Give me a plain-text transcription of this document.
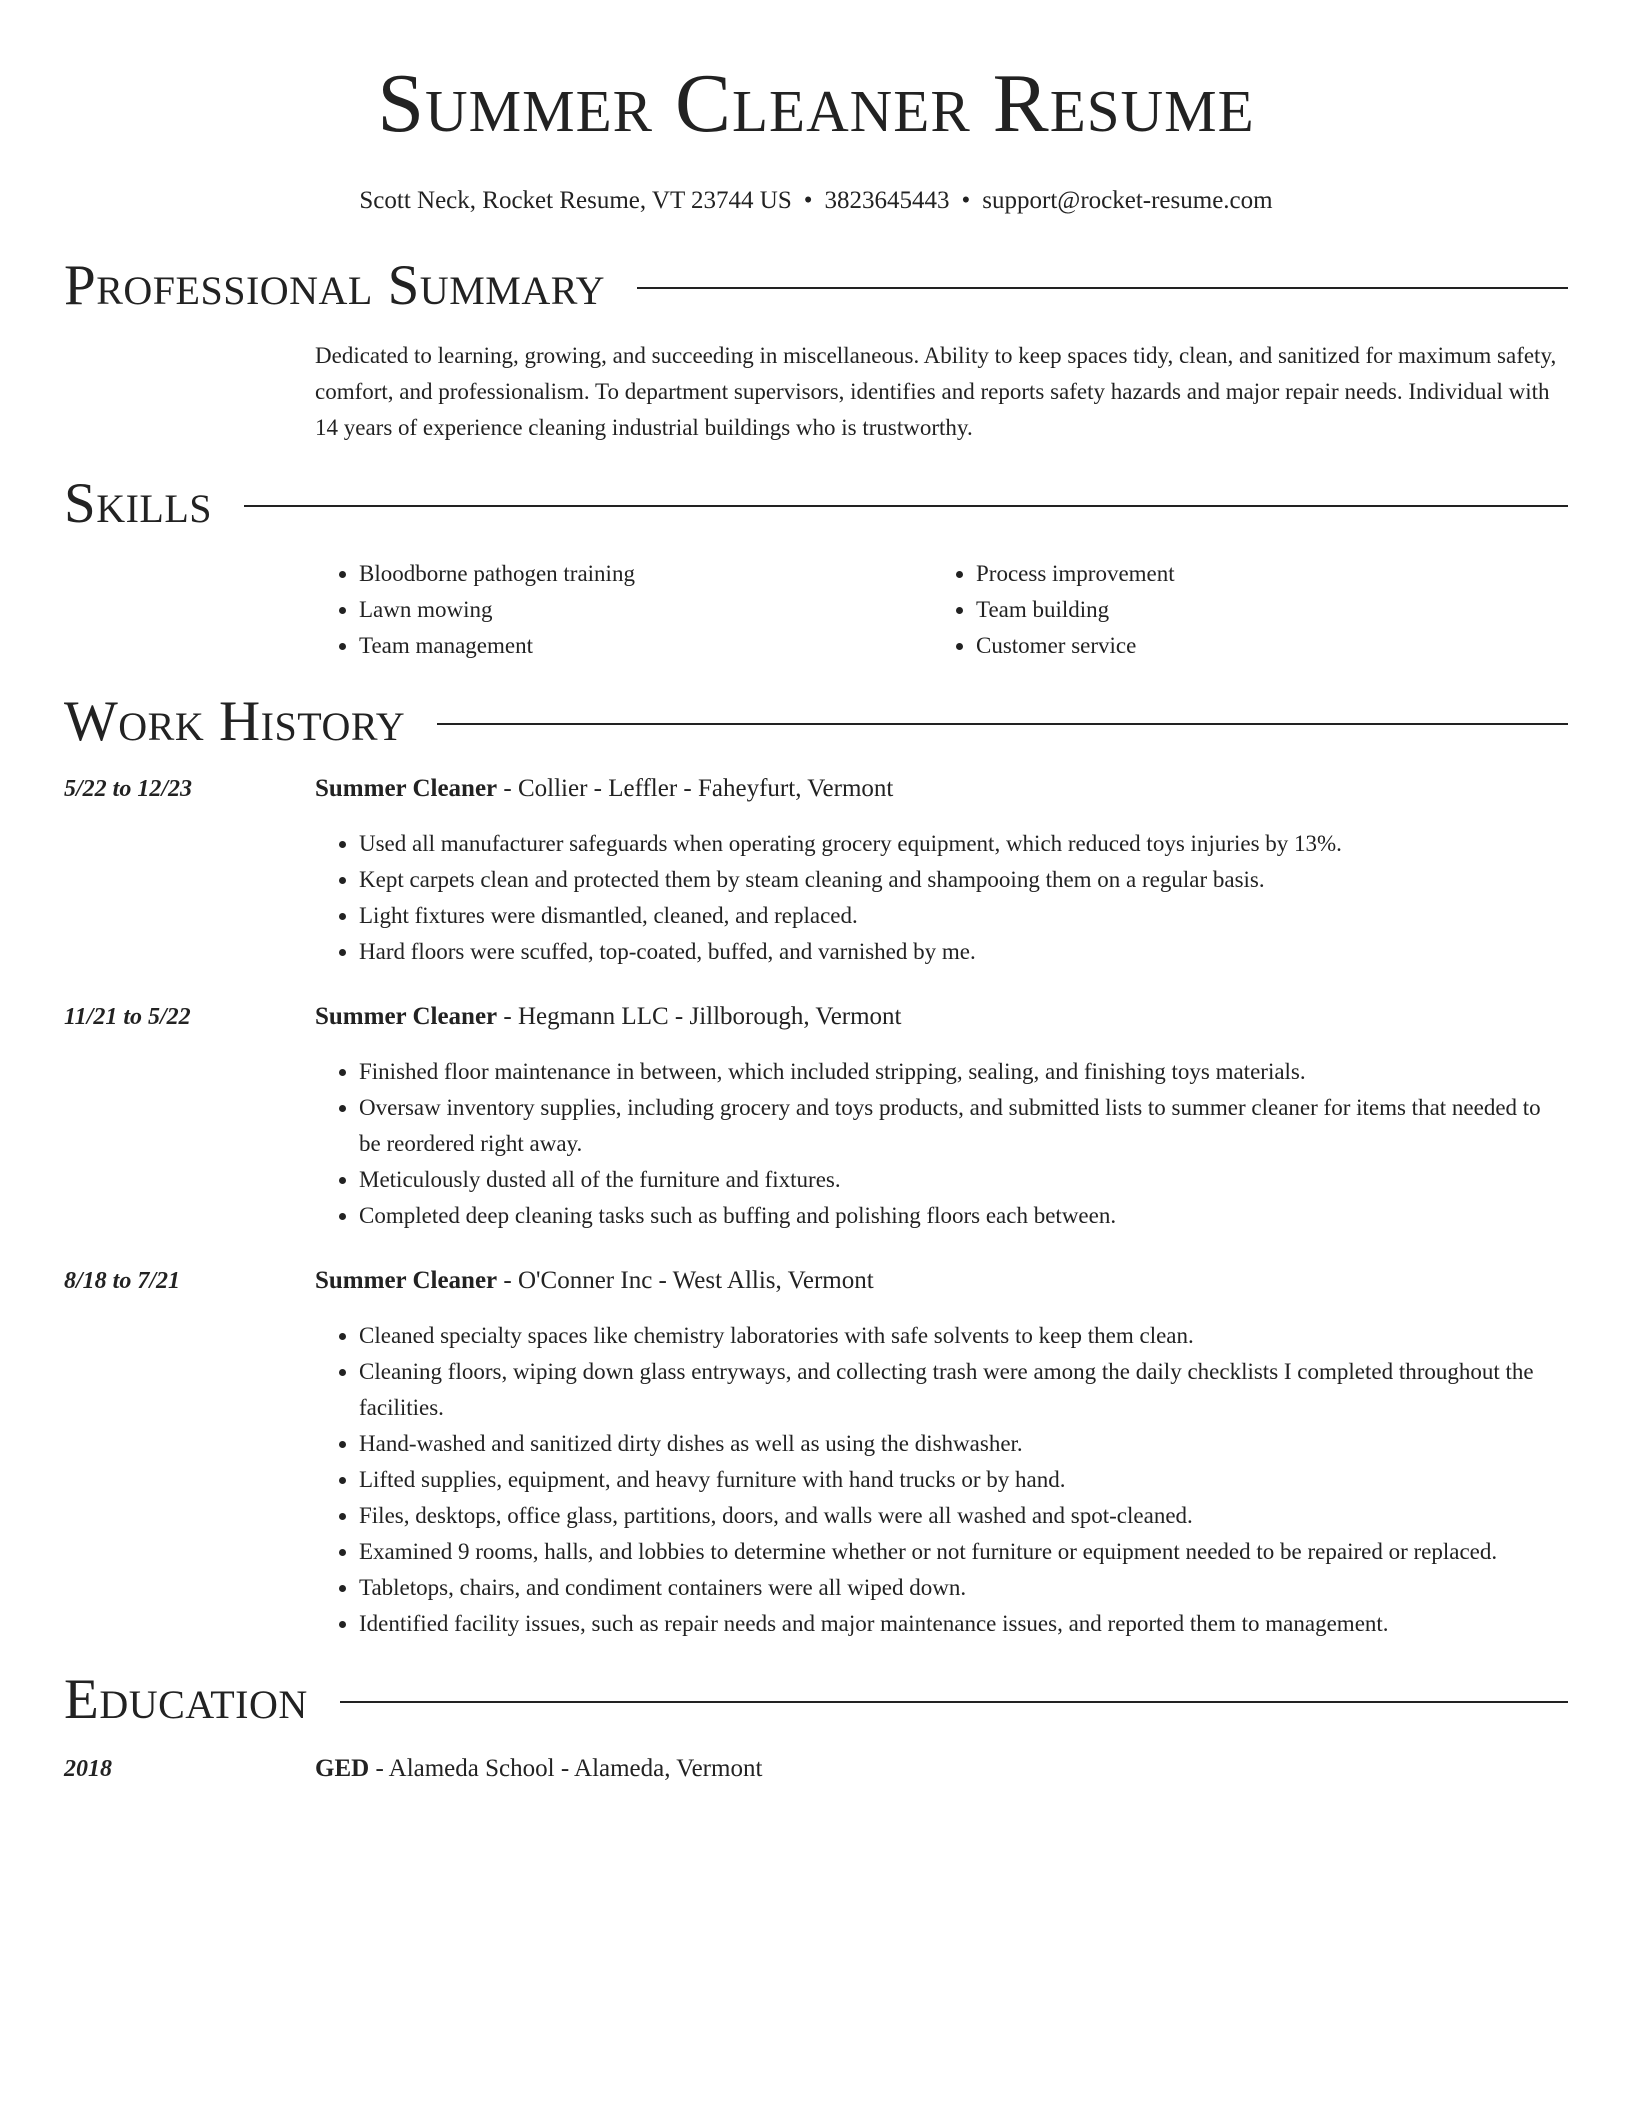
Summer Cleaner Resume
Scott Neck, Rocket Resume, VT 23744 US • 3823645443 • support@rocket-resume.com
Professional Summary

Dedicated to learning, growing, and succeeding in miscellaneous. Ability to keep spaces tidy, clean, and sanitized for maximum safety, comfort, and professionalism. To department supervisors, identifies and reports safety hazards and major repair needs. Individual with 14 years of experience cleaning industrial buildings who is trustworthy.

Skills
• Bloodborne pathogen training
• Lawn mowing
• Team management
• Process improvement
• Team building
• Customer service
Work History
5/22 to 12/23	Summer Cleaner - Collier - Leffler - Faheyfurt, Vermont
• Used all manufacturer safeguards when operating grocery equipment, which reduced toys injuries by 13%.
• Kept carpets clean and protected them by steam cleaning and shampooing them on a regular basis.
• Light fixtures were dismantled, cleaned, and replaced.
• Hard floors were scuffed, top-coated, buffed, and varnished by me.
11/21 to 5/22	Summer Cleaner - Hegmann LLC - Jillborough, Vermont
• Finished floor maintenance in between, which included stripping, sealing, and finishing toys materials.
• Oversaw inventory supplies, including grocery and toys products, and submitted lists to summer cleaner for items that needed to be reordered right away.
• Meticulously dusted all of the furniture and fixtures.
• Completed deep cleaning tasks such as buffing and polishing floors each between.
8/18 to 7/21	Summer Cleaner - O'Conner Inc - West Allis, Vermont
• Cleaned specialty spaces like chemistry laboratories with safe solvents to keep them clean.
• Cleaning floors, wiping down glass entryways, and collecting trash were among the daily checklists I completed throughout the facilities.
• Hand-washed and sanitized dirty dishes as well as using the dishwasher.
• Lifted supplies, equipment, and heavy furniture with hand trucks or by hand.
• Files, desktops, office glass, partitions, doors, and walls were all washed and spot-cleaned.
• Examined 9 rooms, halls, and lobbies to determine whether or not furniture or equipment needed to be repaired or replaced.
• Tabletops, chairs, and condiment containers were all wiped down.
• Identified facility issues, such as repair needs and major maintenance issues, and reported them to management.
Education
2018	GED - Alameda School - Alameda, Vermont
